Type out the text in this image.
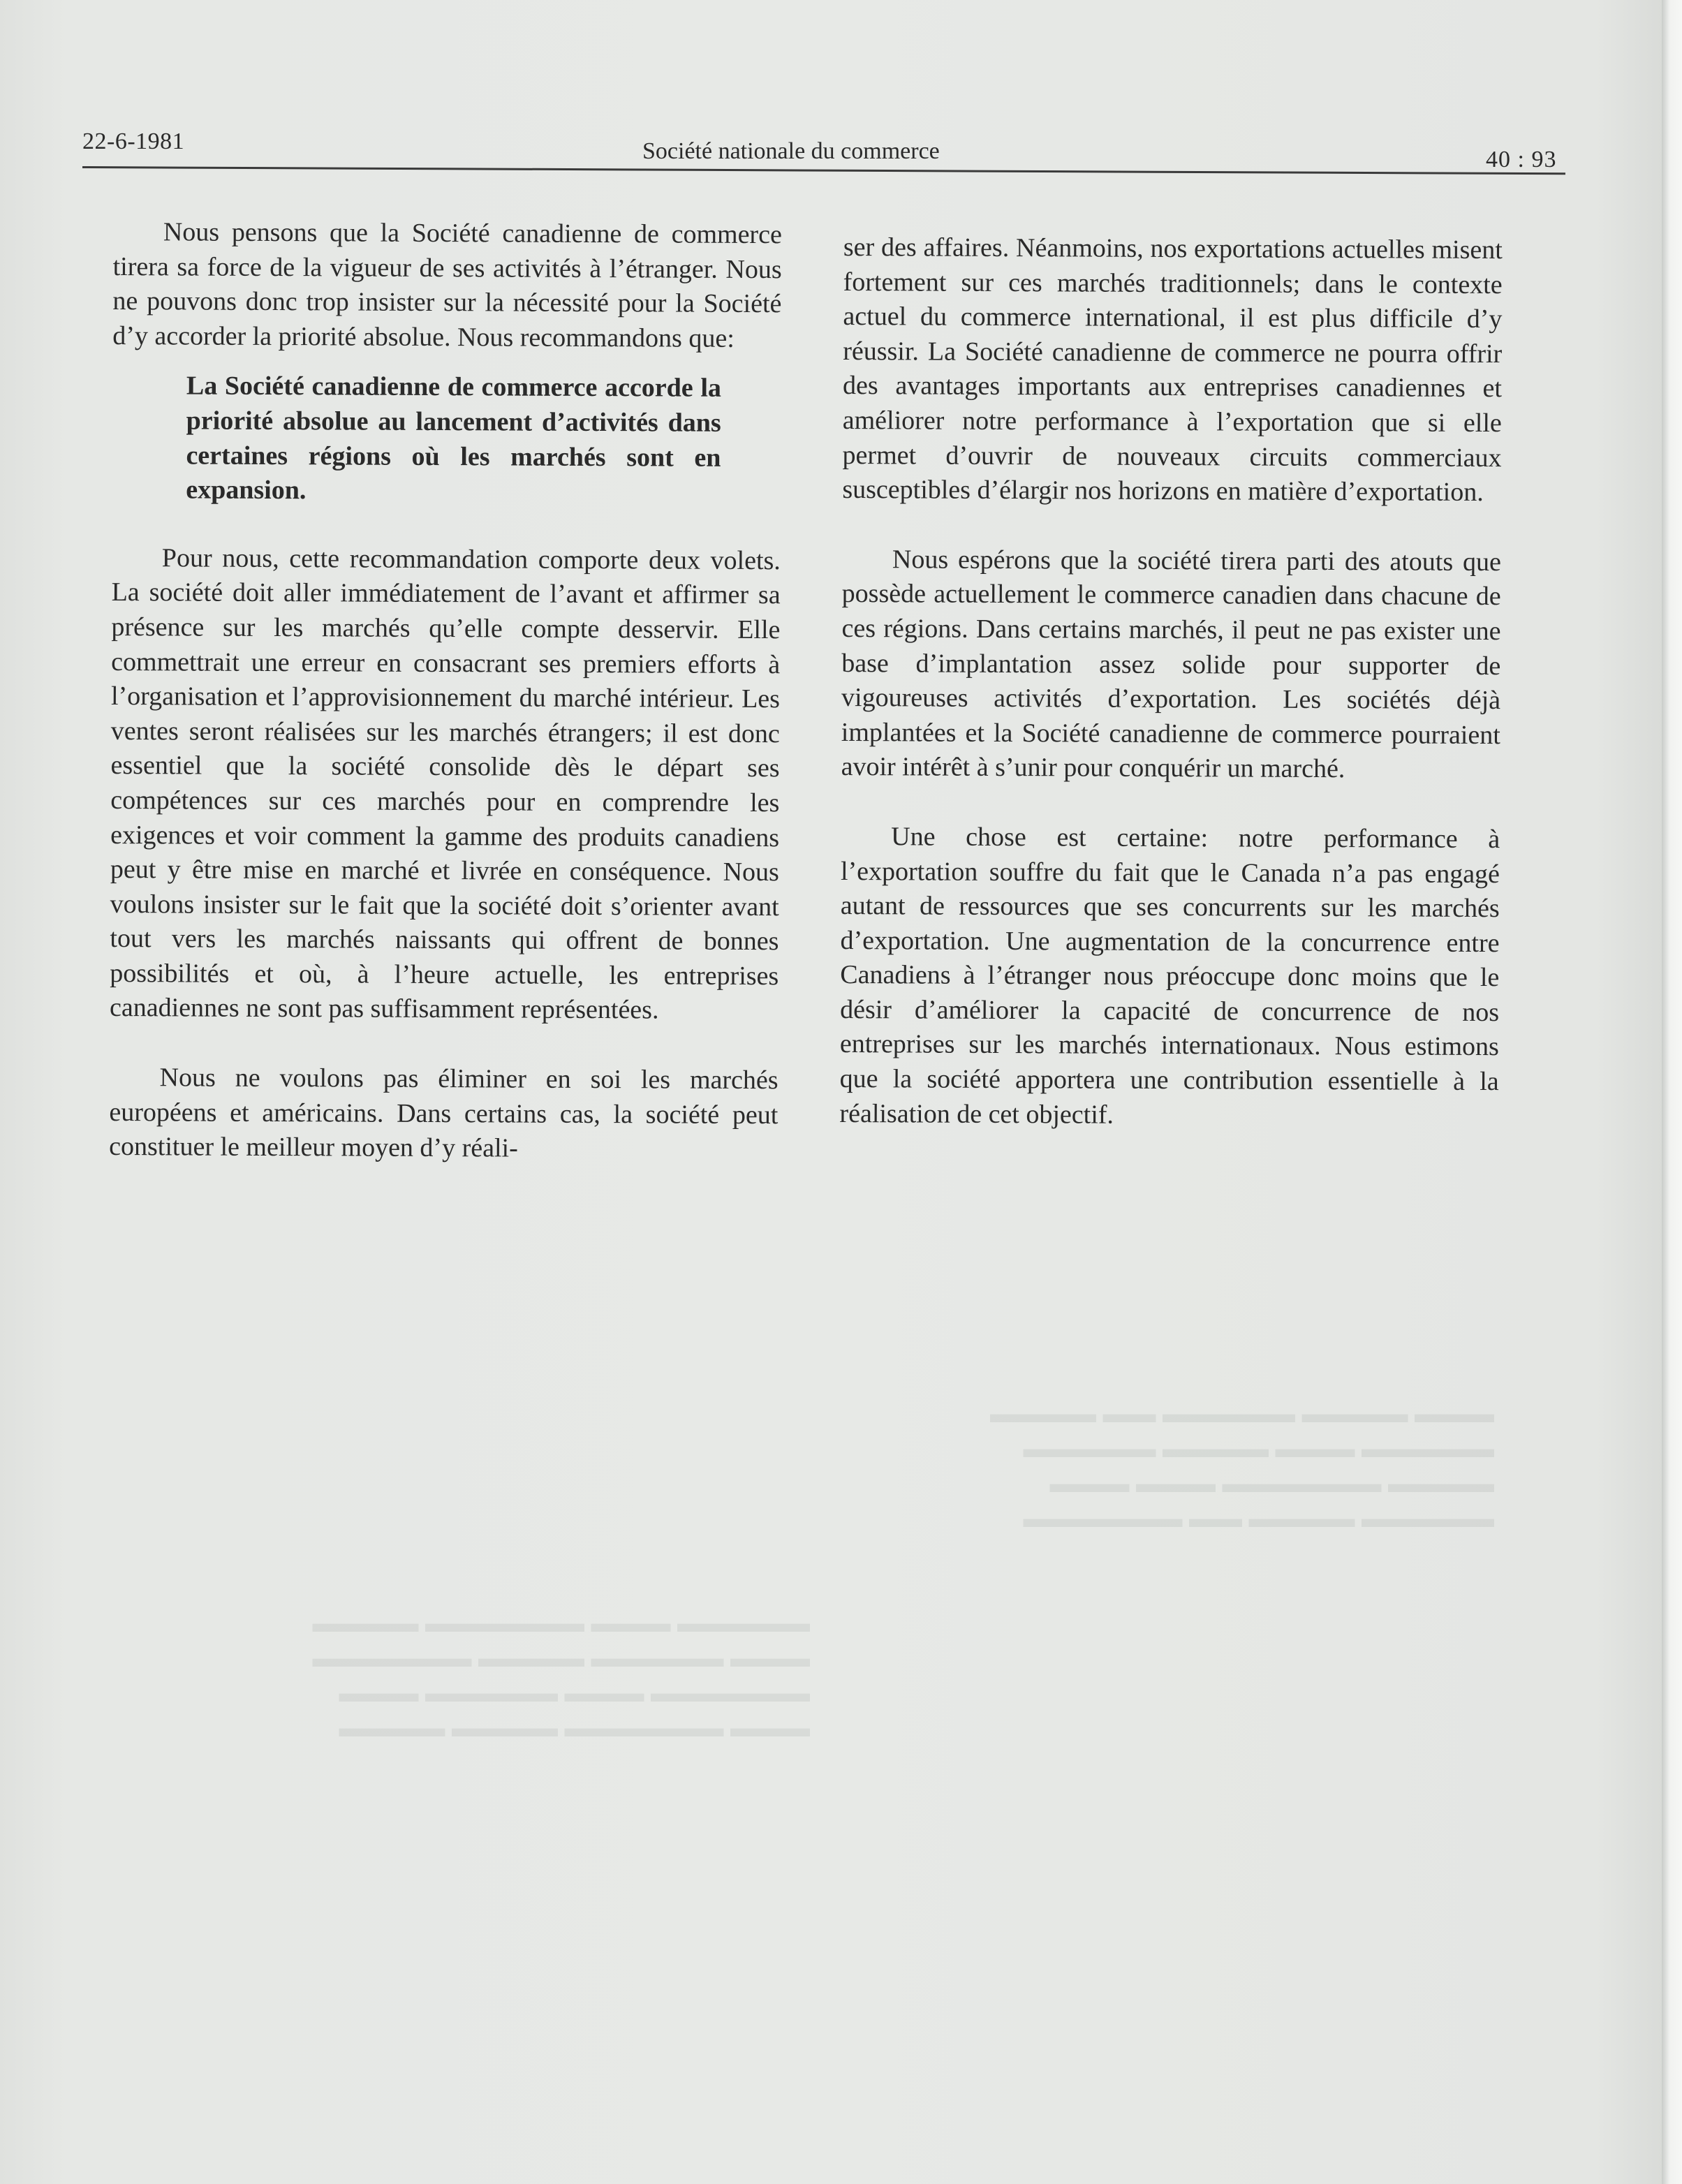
▬▬▬ ▬▬▬▬ ▬▬▬▬▬ ▬▬ ▬▬▬▬
▬▬▬▬▬ ▬▬▬ ▬▬▬▬ ▬▬▬▬▬
▬▬▬▬ ▬▬▬▬▬▬ ▬▬▬ ▬▬▬
▬▬▬▬▬ ▬▬▬▬ ▬▬ ▬▬▬▬▬▬
▬▬▬▬▬ ▬▬▬ ▬▬▬▬▬▬ ▬▬▬▬
▬▬▬ ▬▬▬▬▬ ▬▬▬▬ ▬▬▬▬▬▬
▬▬▬▬▬▬ ▬▬▬ ▬▬▬▬▬ ▬▬▬
▬▬▬ ▬▬▬▬▬▬ ▬▬▬▬ ▬▬▬▬
22-6-1981	Société nationale du commerce	40 : 93

Nous pensons que la Société canadienne de commerce tirera sa force de la vigueur de ses activités à l’étranger. Nous ne pouvons donc trop insister sur la nécessité pour la Société d’y accorder la priorité absolue. Nous recommandons que:

La Société canadienne de commerce accorde la priorité absolue au lancement d’activités dans certaines régions où les marchés sont en expansion.

Pour nous, cette recommandation comporte deux volets. La société doit aller immédiatement de l’avant et affirmer sa présence sur les marchés qu’elle compte desservir. Elle commettrait une erreur en consacrant ses premiers efforts à l’organisation et l’approvisionnement du marché intérieur. Les ventes seront réalisées sur les marchés étrangers; il est donc essentiel que la société consolide dès le départ ses compétences sur ces marchés pour en comprendre les exigences et voir comment la gamme des produits canadiens peut y être mise en marché et livrée en conséquence. Nous voulons insister sur le fait que la société doit s’orienter avant tout vers les marchés naissants qui offrent de bonnes possibilités et où, à l’heure actuelle, les entreprises canadiennes ne sont pas suffisamment représentées.

Nous ne voulons pas éliminer en soi les marchés européens et américains. Dans certains cas, la société peut constituer le meilleur moyen d’y réali-

ser des affaires. Néanmoins, nos exportations actuelles misent fortement sur ces marchés traditionnels; dans le contexte actuel du commerce international, il est plus difficile d’y réussir. La Société canadienne de commerce ne pourra offrir des avantages importants aux entreprises canadiennes et améliorer notre performance à l’exportation que si elle permet d’ouvrir de nouveaux circuits commerciaux susceptibles d’élargir nos horizons en matière d’exportation.

Nous espérons que la société tirera parti des atouts que possède actuellement le commerce canadien dans chacune de ces régions. Dans certains marchés, il peut ne pas exister une base d’implantation assez solide pour supporter de vigoureuses activités d’exportation. Les sociétés déjà implantées et la Société canadienne de commerce pourraient avoir intérêt à s’unir pour conquérir un marché.

Une chose est certaine: notre performance à l’exportation souffre du fait que le Canada n’a pas engagé autant de ressources que ses concurrents sur les marchés d’exportation. Une augmentation de la concurrence entre Canadiens à l’étranger nous préoccupe donc moins que le désir d’améliorer la capacité de concurrence de nos entreprises sur les marchés internationaux. Nous estimons que la société apportera une contribution essentielle à la réalisation de cet objectif.
